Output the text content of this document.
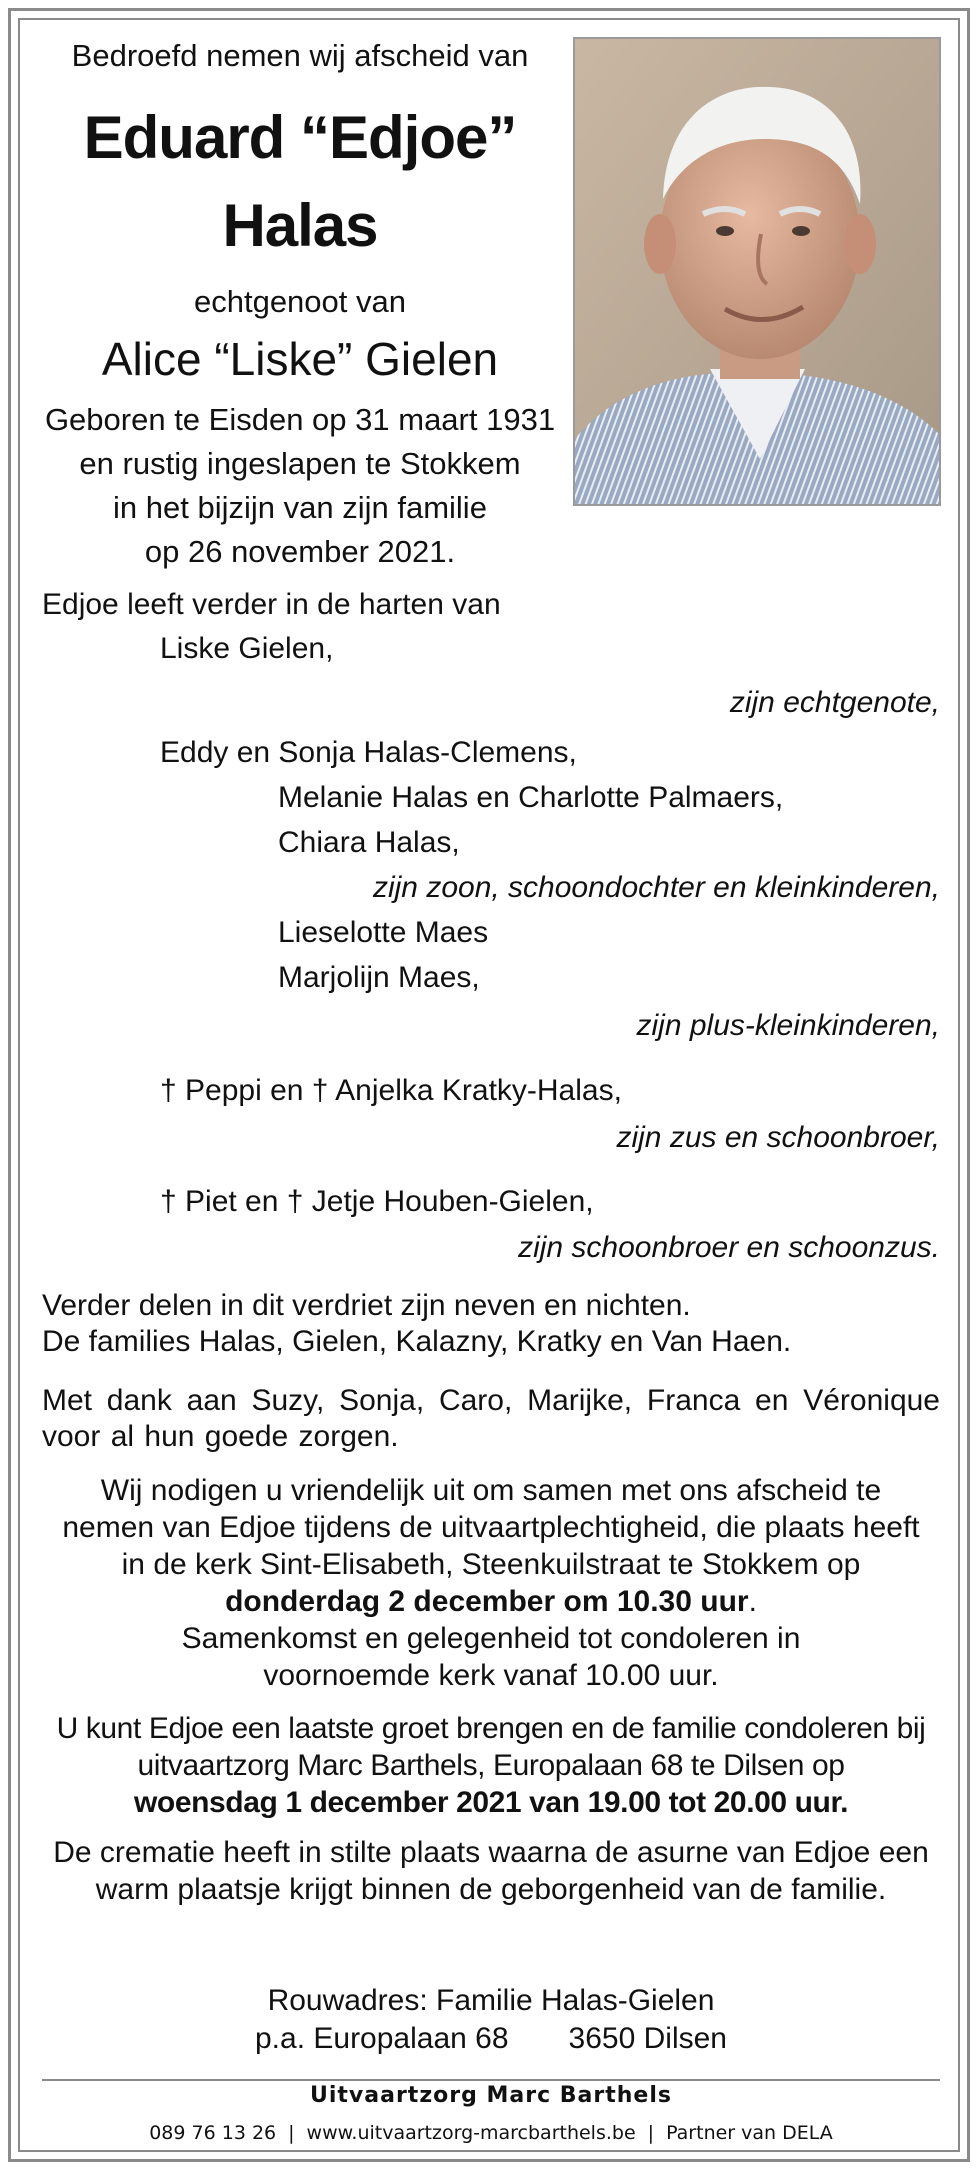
Bedroefd nemen wij afscheid van
Eduard “Edjoe”
Halas
echtgenoot van
Alice “Liske” Gielen
Geboren te Eisden op 31 maart 1931
en rustig ingeslapen te Stokkem
in het bijzijn van zijn familie
op 26 november 2021.
Edjoe leeft verder in de harten van
Liske Gielen,
zijn echtgenote,
Eddy en Sonja Halas-Clemens,
Melanie Halas en Charlotte Palmaers,
Chiara Halas,
zijn zoon, schoondochter en kleinkinderen,
Lieselotte Maes
Marjolijn Maes,
zijn plus-kleinkinderen,
† Peppi en † Anjelka Kratky-Halas,
zijn zus en schoonbroer,
† Piet en † Jetje Houben-Gielen,
zijn schoonbroer en schoonzus.
Verder delen in dit verdriet zijn neven en nichten.
De families Halas, Gielen, Kalazny, Kratky en Van Haen.
Met dank aan Suzy, Sonja, Caro, Marijke, Franca en Véronique voor al hun goede zorgen.
Wij nodigen u vriendelijk uit om samen met ons afscheid te nemen van Edjoe tijdens de uitvaartplechtigheid, die plaats heeft in de kerk Sint-Elisabeth, Steenkuilstraat te Stokkem op
donderdag 2 december om 10.30 uur.
Samenkomst en gelegenheid tot condoleren in voornoemde kerk vanaf 10.00 uur.
U kunt Edjoe een laatste groet brengen en de familie condoleren bij uitvaartzorg Marc Barthels, Europalaan 68 te Dilsen op
woensdag 1 december 2021 van 19.00 tot 20.00 uur.
De crematie heeft in stilte plaats waarna de asurne van Edjoe een warm plaatsje krijgt binnen de geborgenheid van de familie.
Rouwadres: Familie Halas-Gielen
p.a. Europalaan 68  3650 Dilsen
Uitvaartzorg Marc Barthels
089 76 13 26 | www.uitvaartzorg-marcbarthels.be | Partner van DELA
